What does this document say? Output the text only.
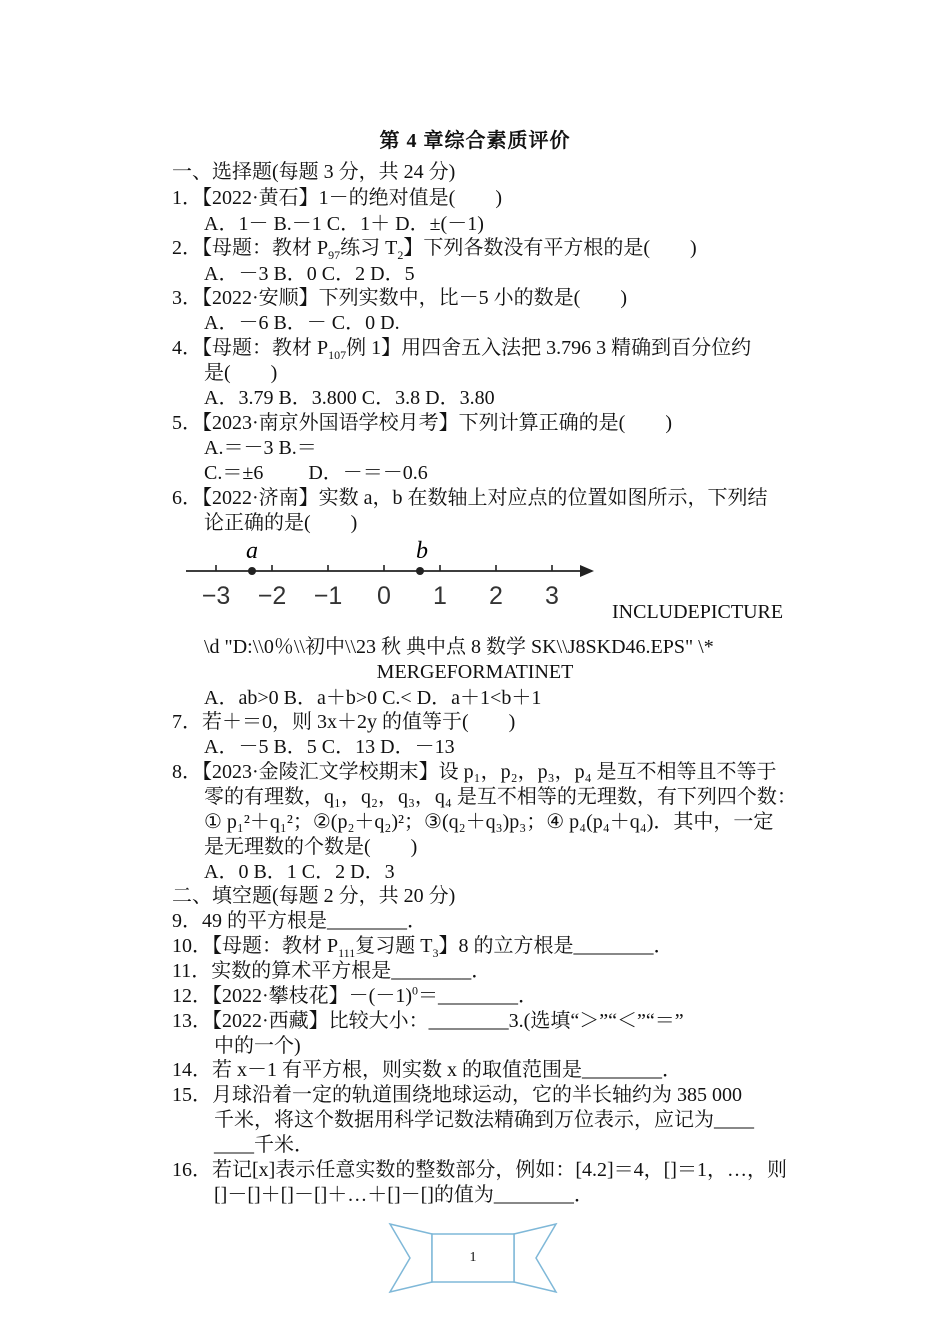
第 4 章综合素质评价
一、选择题(每题 3 分，共 24 分)
1．【2022·黄石】1－的绝对值是(　　)
A．1－ B.－1 C．1＋ D．±(－1)
2．【母题：教材 $P_{97}$练习 $T_2$】下列各数没有平方根的是(　　)
A．－3 B．0 C．2 D．5
3．【2022·安顺】下列实数中，比－5 小的数是(　　)
A．－6 B．－ C．0 D.
4．【母题：教材 $P_{107}$例 1】用四舍五入法把 3.796 3 精确到百分位约
是(　　)
A．3.79 B．3.800 C．3.8 D．3.80
5．【2023·南京外国语学校月考】下列计算正确的是(　　)
A.＝－3 B.＝
C.＝±6　　 D．－＝－0.6
6．【2022·济南】实数 a，b 在数轴上对应点的位置如图所示，下列结
论正确的是(　　)
a	b
−3 −2 −1 0 1 2 3
INCLUDEPICTURE
\d "D:\\0％\\初中\\23 秋 典中点 8 数学 SK\\J8SKD46.EPS" \*
MERGEFORMATINET
A．ab>0 B．a＋b>0 C.< D．a＋1<b＋1
7．若＋＝0，则 3x＋2y 的值等于(　　)
A．－5 B．5 C．13 D．－13
8．【2023·金陵汇文学校期末】设 p₁，p₂，p₃，p₄ 是互不相等且不等于
零的有理数，q₁，q₂，q₃，q₄ 是互不相等的无理数，有下列四个数：
① p₁²＋q₁²；②(p₂＋q₂)²；③(q₂＋q₃)p₃；④ p₄(p₄＋q₄)．其中，一定
是无理数的个数是(　　)
A．0 B．1 C．2 D．3
二、填空题(每题 2 分，共 20 分)
9．49 的平方根是________．
10．【母题：教材 $P_{111}$复习题 $T_3$】8 的立方根是________．
11．实数的算术平方根是________．
12．【2022·攀枝花】$-(-1)^0=\_\_\_\_\_\_\_\_$．
13．【2022·西藏】比较大小：________3.(选填“＞”“＜”“＝”
中的一个)
14．若 x－1 有平方根，则实数 x 的取值范围是________．
15．月球沿着一定的轨道围绕地球运动，它的半长轴约为 385 000
千米，将这个数据用科学记数法精确到万位表示，应记为____
____千米．
16．若记[x]表示任意实数的整数部分，例如：[4.2]＝4，[]＝1，…，则
[]－[]＋[]－[]＋…＋[]－[]的值为________．
1
